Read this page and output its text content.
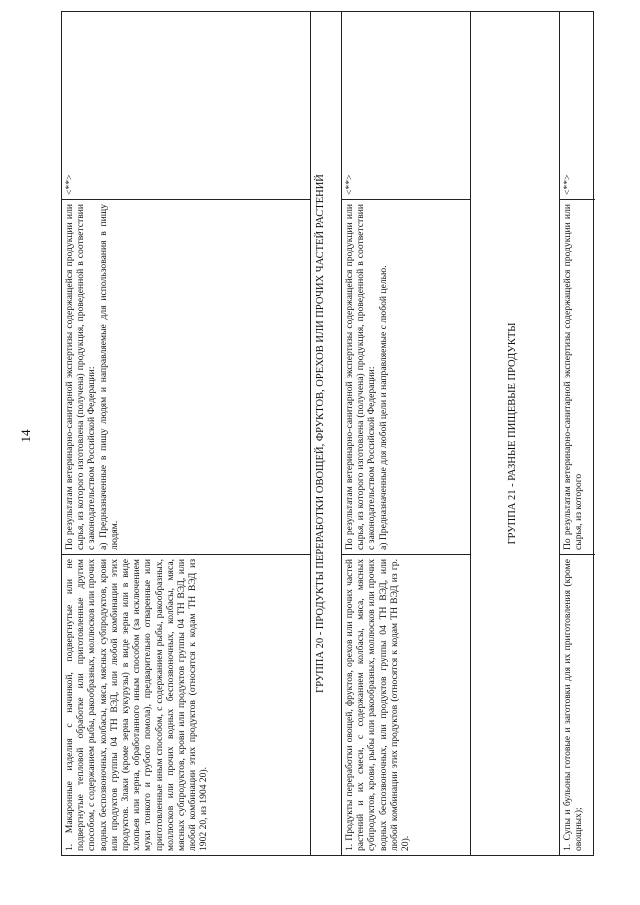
14

1. Макаронные изделия с начинкой, подвергнутые или не подвергнутые тепловой обработке или приготовленные другим способом, с содержанием рыбы, ракообразных, моллюсков или прочих водных беспозвоночных, колбасы, мяса, мясных субпродуктов, крови или продуктов группы 04 ТН ВЭД, или любой комбинации этих продуктов. Злаки (кроме зерна кукурузы) в виде зерна или в виде хлопьев или зерна, обработанного иным способом (за исключением муки тонкого и грубого помола), предварительно отваренные или приготовленные иным способом, с содержанием рыбы, ракообразных, моллюсков или прочих водных беспозвоночных, колбасы, мяса, мясных субпродуктов, крови или продуктов группы 04 ТН ВЭД, или любой комбинации этих продуктов (относятся к кодам ТН ВЭД из 1902 20, из 1904 20).

По результатам ветеринарно-санитарной экспертизы содержащейся продукции или сырья, из которого изготовлена (получена) продукция, проведенной в соответствии с законодательством Российской Федерации: а) Предназначенные в пищу людям и направляемые для использования в пищу людям.

<**>	ГРУППА 20 - ПРОДУКТЫ ПЕРЕРАБОТКИ ОВОЩЕЙ, ФРУКТОВ, ОРЕХОВ ИЛИ ПРОЧИХ ЧАСТЕЙ РАСТЕНИЙ

1. Продукты переработки овощей, фруктов, орехов или прочих частей растений и их смеси, с содержанием колбасы, мяса, мясных субпродуктов, крови, рыбы или ракообразных, моллюсков или прочих водных беспозвоночных, или продуктов группы 04 ТН ВЭД, или любой комбинации этих продуктов (относятся к кодам ТН ВЭД из гр. 20).

По результатам ветеринарно-санитарной экспертизы содержащейся продукции или сырья, из которого изготовлена (получена) продукция, проведенной в соответствии с законодательством Российской Федерации: а) Предназначенные для любой цели и направляемые с любой целью.

<**>
ГРУППА 21 - РАЗНЫЕ ПИЩЕВЫЕ ПРОДУКТЫ

1. Супы и бульоны готовые и заготовки для их приготовления (кроме овощных);

По результатам ветеринарно-санитарной экспертизы содержащейся продукции или сырья, из которого

<**>
